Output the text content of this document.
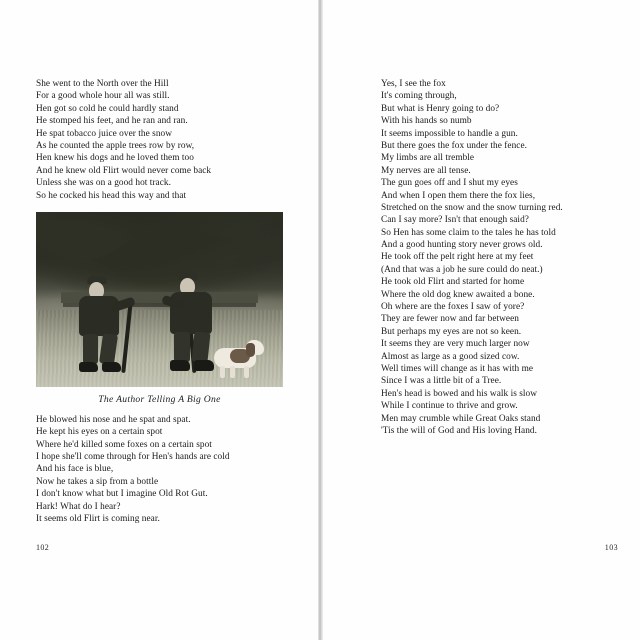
She went to the North over the Hill
For a good whole hour all was still.
Hen got so cold he could hardly stand
He stomped his feet, and he ran and ran.
He spat tobacco juice over the snow
As he counted the apple trees row by row,
Hen knew his dogs and he loved them too
And he knew old Flirt would never come back
Unless she was on a good hot track.
So he cocked his head this way and that
The Author Telling A Big One
He blowed his nose and he spat and spat.
He kept his eyes on a certain spot
Where he'd killed some foxes on a certain spot
I hope she'll come through for Hen's hands are cold
And his face is blue,
Now he takes a sip from a bottle
I don't know what but I imagine Old Rot Gut.
Hark! What do I hear?
It seems old Flirt is coming near.
102
Yes, I see the fox
It's coming through,
But what is Henry going to do?
With his hands so numb
It seems impossible to handle a gun.
But there goes the fox under the fence.
My limbs are all tremble
My nerves are all tense.
The gun goes off and I shut my eyes
And when I open them there the fox lies,
Stretched on the snow and the snow turning red.
Can I say more? Isn't that enough said?
So Hen has some claim to the tales he has told
And a good hunting story never grows old.
He took off the pelt right here at my feet
(And that was a job he sure could do neat.)
He took old Flirt and started for home
Where the old dog knew awaited a bone.
Oh where are the foxes I saw of yore?
They are fewer now and far between
But perhaps my eyes are not so keen.
It seems they are very much larger now
Almost as large as a good sized cow.
Well times will change as it has with me
Since I was a little bit of a Tree.
Hen's head is bowed and his walk is slow
While I continue to thrive and grow.
Men may crumble while Great Oaks stand
'Tis the will of God and His loving Hand.
103
